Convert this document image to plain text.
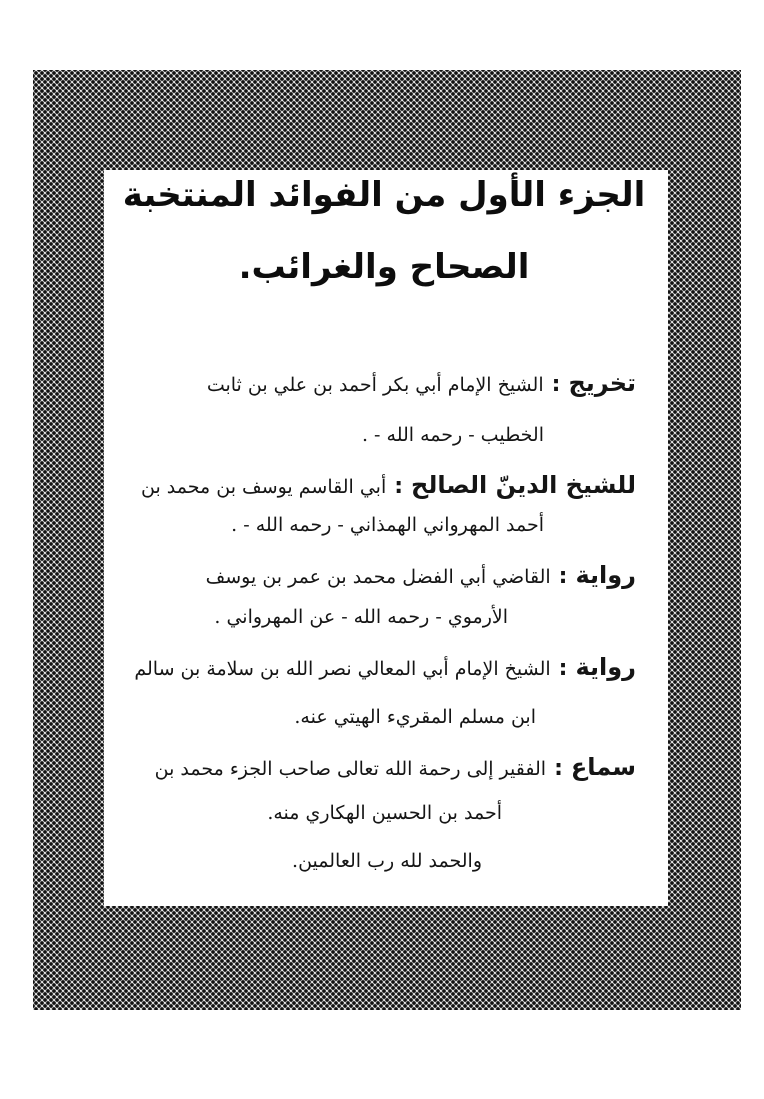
الجزء الأول من الفوائد المنتخبة
الصحاح والغرائب.
تخريج:الشيخ الإمام أبي بكر أحمد بن علي بن ثابت
الخطيب - رحمه الله - .
للشيخ الدينّ الصالح:أبي القاسم يوسف بن محمد بن
أحمد المهرواني الهمذاني - رحمه الله - .
رواية:القاضي أبي الفضل محمد بن عمر بن يوسف
الأرموي - رحمه الله - عن المهرواني .
رواية:الشيخ الإمام أبي المعالي نصر الله بن سلامة بن سالم
ابن مسلم المقريء الهيتي عنه.
سماع:الفقير إلى رحمة الله تعالى صاحب الجزء محمد بن
أحمد بن الحسين الهكاري منه.
والحمد لله رب العالمين.
